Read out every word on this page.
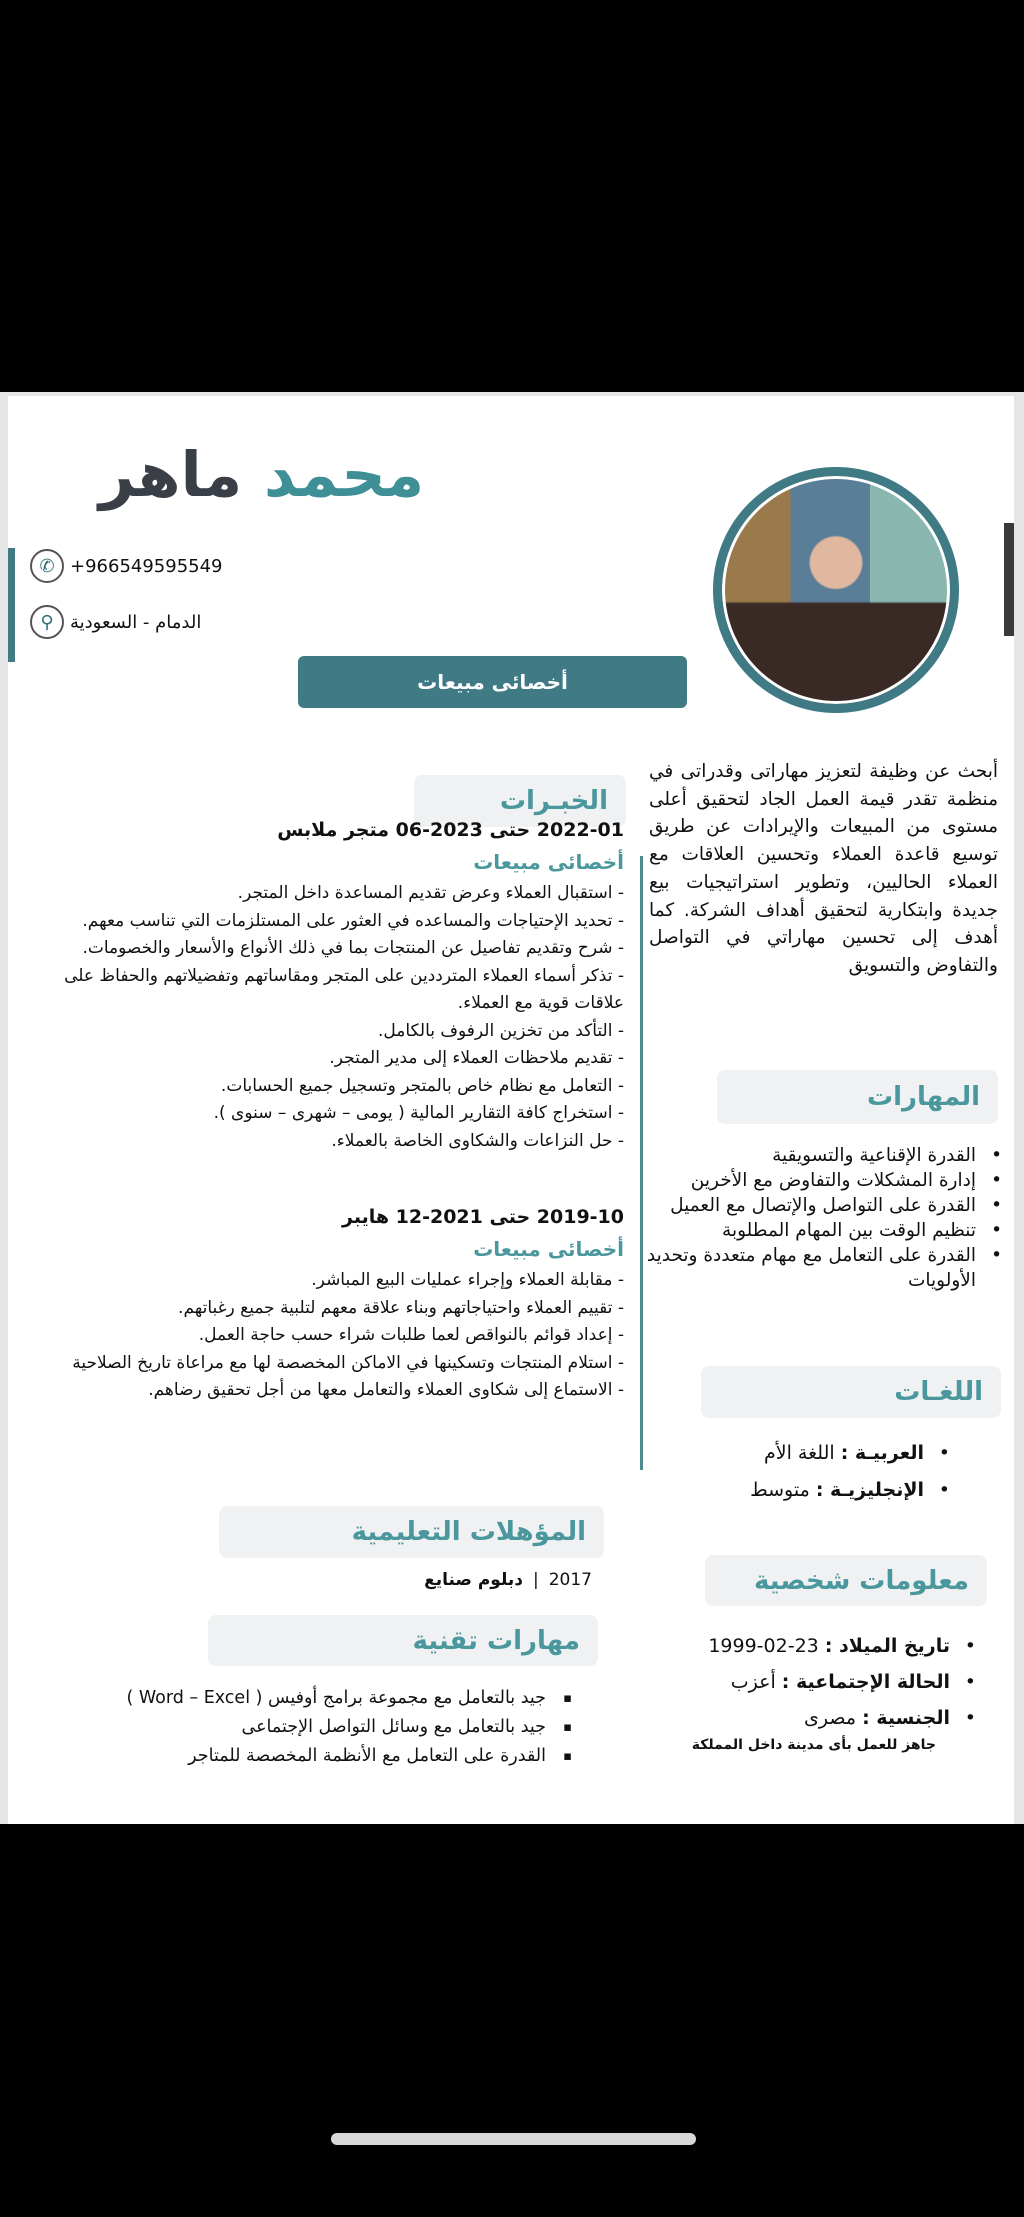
محمد ماهر
✆ +966549595549
⚲ الدمام - السعودية
أخصائى مبيعات
الخبـرات
2022-01 حتى 2023-06 متجر ملابس
أخصائى مبيعات
- استقبال العملاء وعرض تقديم المساعدة داخل المتجر.
- تحديد الإحتياجات والمساعده في العثور على المستلزمات التي تناسب معهم.
- شرح وتقديم تفاصيل عن المنتجات بما في ذلك الأنواع والأسعار والخصومات.
- تذكر أسماء العملاء المترددين على المتجر ومقاساتهم وتفضيلاتهم والحفاظ على علاقات قوية مع العملاء.
- التأكد من تخزين الرفوف بالكامل.
- تقديم ملاحظات العملاء إلى مدير المتجر.
- التعامل مع نظام خاص بالمتجر وتسجيل جميع الحسابات.
- استخراج كافة التقارير المالية ( يومى – شهرى – سنوى ).
- حل النزاعات والشكاوى الخاصة بالعملاء.
2019-10 حتى 2021-12 هايبر
أخصائى مبيعات
- مقابلة العملاء وإجراء عمليات البيع المباشر.
- تقييم العملاء واحتياجاتهم وبناء علاقة معهم لتلبية جميع رغباتهم.
- إعداد قوائم بالنواقص لعما طلبات شراء حسب حاجة العمل.
- استلام المنتجات وتسكينها في الاماكن المخصصة لها مع مراعاة تاريخ الصلاحية
- الاستماع إلى شكاوى العملاء والتعامل معها من أجل تحقيق رضاهم.
أبحث عن وظيفة لتعزيز مهاراتى وقدراتى في منظمة تقدر قيمة العمل الجاد لتحقيق أعلى مستوى من المبيعات والإيرادات عن طريق توسيع قاعدة العملاء وتحسين العلاقات مع العملاء الحاليين، وتطوير استراتيجيات بيع جديدة وابتكارية لتحقيق أهداف الشركة. كما أهدف إلى تحسين مهاراتي في التواصل والتفاوض والتسويق
المهارات
• القدرة الإقناعية والتسويقية
• إدارة المشكلات والتفاوض مع الأخرين
• القدرة على التواصل والإتصال مع العميل
• تنظيم الوقت بين المهام المطلوبة
• القدرة على التعامل مع مهام متعددة وتحديد الأولويات
اللغـات
• العربيـة : اللغة الأم
• الإنجليزيـة : متوسط
معلومات شخصية
• تاريخ الميلاد : 23-02-1999
• الحالة الإجتماعية : أعزب
• الجنسية : مصرى
جاهز للعمل بأى مدينة داخل المملكة
المؤهلات التعليمية
2017
|
دبلوم صنايع
مهارات تقنية
▪ جيد بالتعامل مع مجموعة برامج أوفيس ( Word – Excel )
▪ جيد بالتعامل مع وسائل التواصل الإجتماعى
▪ القدرة على التعامل مع الأنظمة المخصصة للمتاجر
